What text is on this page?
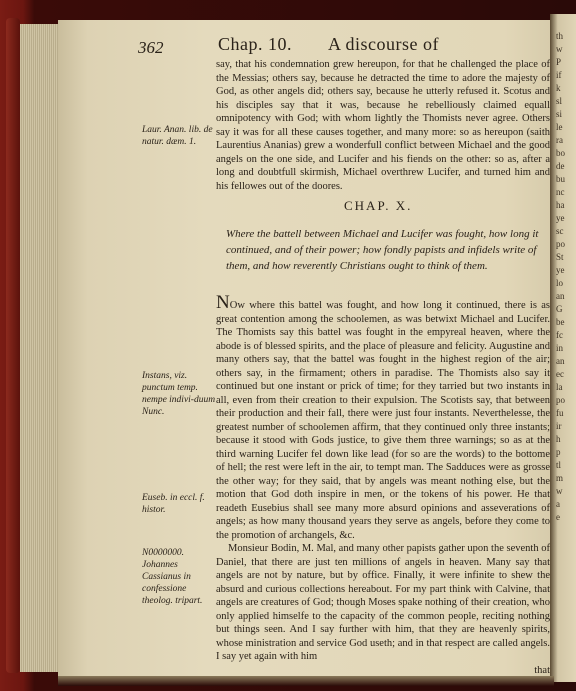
th
w
P
if
k
sl
si
le
ra
bo
de
bu
nc
ha
ye
sc
po
St
ye
lo
an
G
be
fc
in
an
ec
la
po
fu
ir
h
p
tl
m
w
a
e
362	Chap. 10. A discourse of

say, that his condemnation grew hereupon, for that he challenged the place of the Messias; others say, because he detracted the time to adore the majesty of God, as other angels did; others say, because he utterly refused it. Scotus and his disciples say that it was, because he rebelliously claimed equall omnipotency with God; with whom lightly the Thomists never agree. Others say it was for all these causes together, and many more: so as hereupon (saith Laurentius Ananias) grew a wonderfull conflict between Michael and the good angels on the one side, and Lucifer and his fiends on the other: so as, after a long and doubtfull skirmish, Michael overthrew Lucifer, and turned him and his fellowes out of the doores.

CHAP. X.
Where the battell between Michael and Lucifer was fought, how long it continued, and of their power; how fondly papists and infidels write of them, and how reverently Christians ought to think of them.

NOw where this battel was fought, and how long it continued, there is as great contention among the schoolemen, as was betwixt Michael and Lucifer. The Thomists say this battel was fought in the empyreal heaven, where the abode is of blessed spirits, and the place of pleasure and felicity. Augustine and many others say, that the battel was fought in the highest region of the air; others say, in the firmament; others in paradise. The Thomists also say it continued but one instant or prick of time; for they tarried but two instants in all, even from their creation to their expulsion. The Scotists say, that between their production and their fall, there were just four instants. Neverthelesse, the greatest number of schoolemen affirm, that they continued only three instants; because it stood with Gods justice, to give them three warnings; so as at the third warning Lucifer fel down like lead (for so are the words) to the bottome of hell; the rest were left in the air, to tempt man. The Sadduces were as grosse the other way; for they said, that by angels was meant nothing else, but the motion that God doth inspire in men, or the tokens of his power. He that readeth Eusebius shall see many more absurd opinions and asseverations of angels; as how many thousand years they serve as angels, before they come to the promotion of archangels, &c.

Monsieur Bodin, M. Mal, and many other papists gather upon the seventh of Daniel, that there are just ten millions of angels in heaven. Many say that angels are not by nature, but by office. Finally, it were infinite to shew the absurd and curious collections hereabout. For my part think with Calvine, that angels are creatures of God; though Moses spake nothing of their creation, who only applied himselfe to the capacity of the common people, reciting nothing but things seen. And I say further with him, that they are heavenly spirits, whose ministration and service God useth; and in that respect are called angels. I say yet again with him

that

Laur. Anan. lib. de natur. dæm. 1.
Instans, viz. punctum temp. nempe indivi-duum Nunc.
Euseb. in eccl. f. histor.
N0000000. Johannes Cassianus in confessione theolog. tripart.
